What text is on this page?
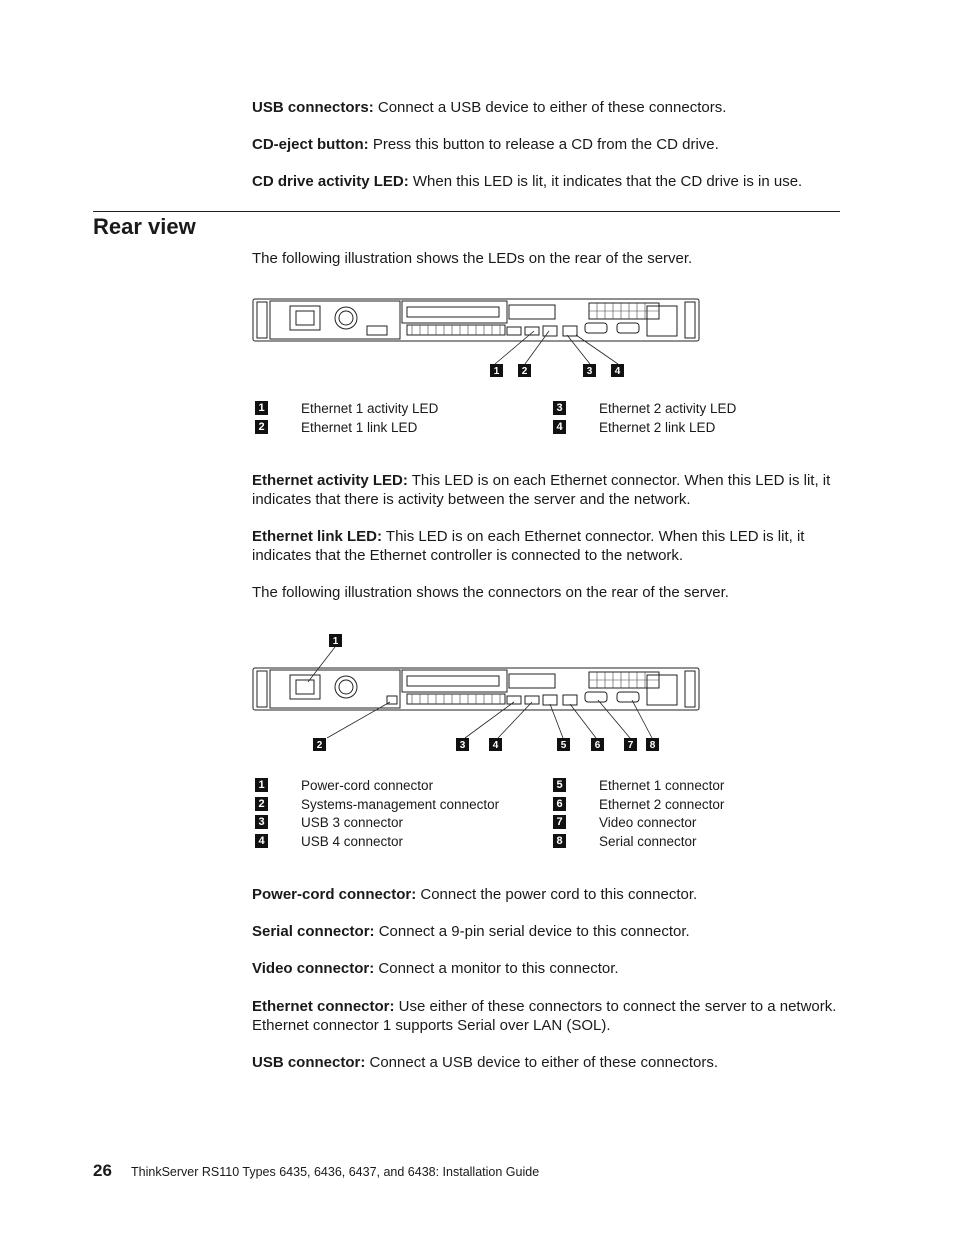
USB connectors: Connect a USB device to either of these connectors.

CD-eject button: Press this button to release a CD from the CD drive.

CD drive activity LED: When this LED is lit, it indicates that the CD drive is in use.

Rear view

The following illustration shows the LEDs on the rear of the server.

1 2	3 4
1	Ethernet 1 activity LED
2	Ethernet 1 link LED
3	Ethernet 2 activity LED
4	Ethernet 2 link LED

Ethernet activity LED: This LED is on each Ethernet connector. When this LED is lit, it indicates that there is activity between the server and the network.

Ethernet link LED: This LED is on each Ethernet connector. When this LED is lit, it indicates that the Ethernet controller is connected to the network.

The following illustration shows the connectors on the rear of the server.

1
2	3	4	5	6	7 8
1	Power-cord connector
2	Systems-management connector
3	USB 3 connector
4	USB 4 connector
5	Ethernet 1 connector
6	Ethernet 2 connector
7	Video connector
8	Serial connector

Power-cord connector: Connect the power cord to this connector.

Serial connector: Connect a 9-pin serial device to this connector.

Video connector: Connect a monitor to this connector.

Ethernet connector: Use either of these connectors to connect the server to a network. Ethernet connector 1 supports Serial over LAN (SOL).

USB connector: Connect a USB device to either of these connectors.

26 ThinkServer RS110 Types 6435, 6436, 6437, and 6438: Installation Guide
